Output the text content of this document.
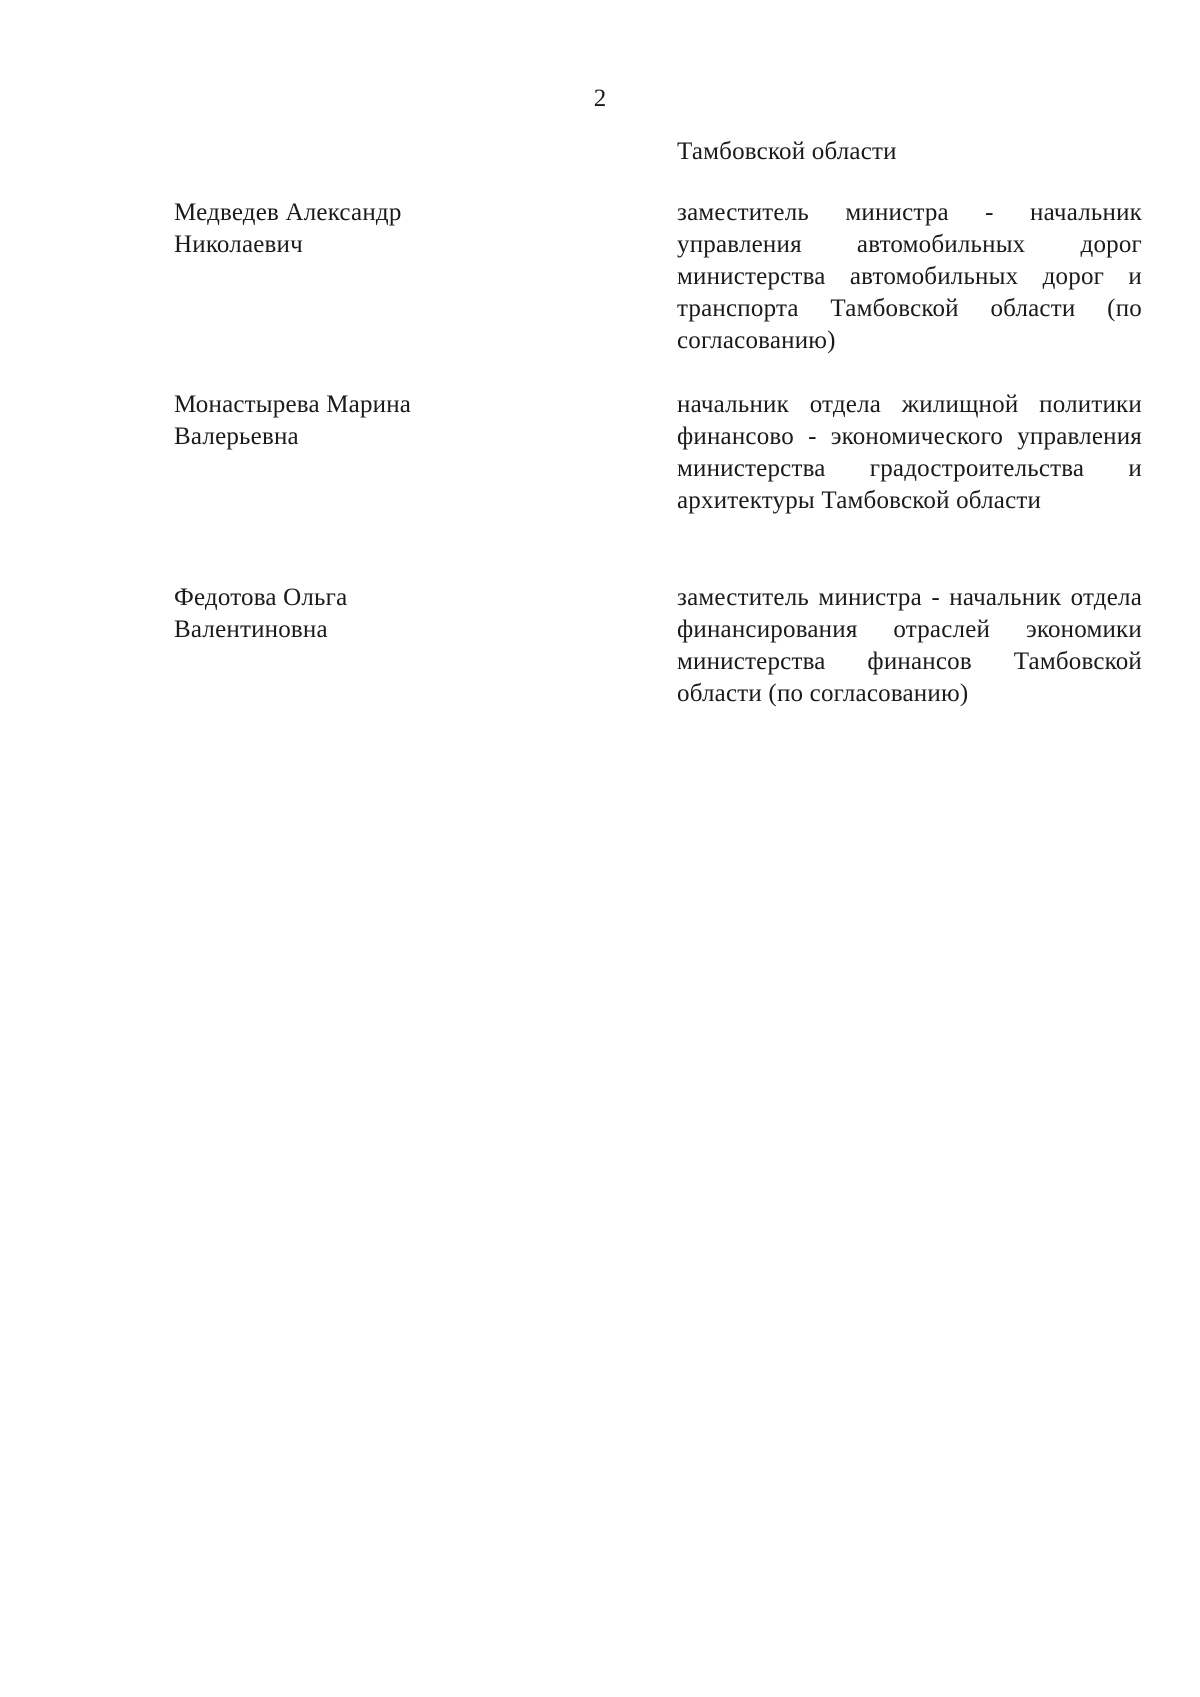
2
Тамбовской области
Медведев Александр Николаевич
заместитель министра - начальник управления автомобильных дорог министерства автомобильных дорог и транспорта Тамбовской области (по согласованию)
Монастырева Марина Валерьевна
начальник отдела жилищной политики финансово - экономического управления министерства градостроительства и архитектуры Тамбовской области
Федотова Ольга Валентиновна
заместитель министра - начальник отдела финансирования отраслей экономики министерства финансов Тамбовской области (по согласованию)
